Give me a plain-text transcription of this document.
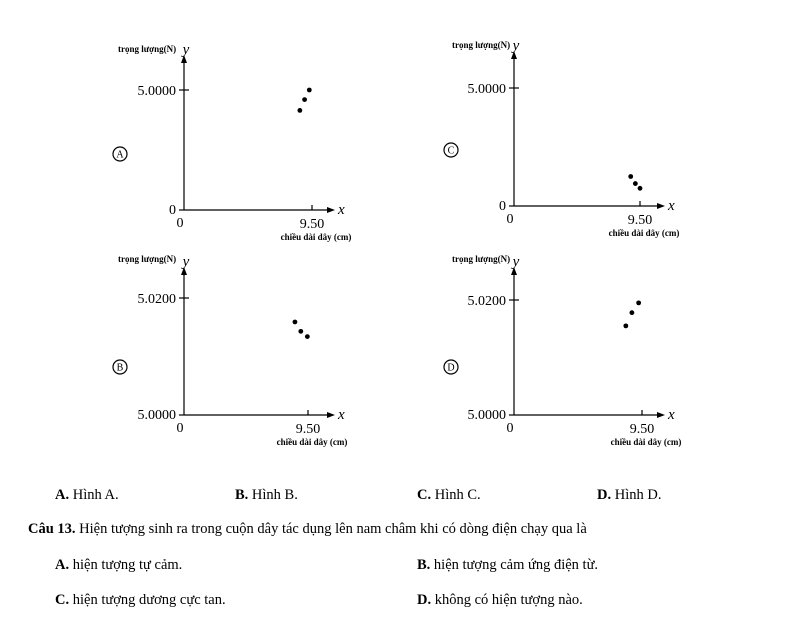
5.0000
0
0	9.50
y
x
trọng lượng(N)
chiều dài dây (cm)
A
5.0000
0
0	9.50
y
x
trọng lượng(N)
chiều dài dây (cm)
C
5.0200
5.0000
0	9.50
y
x
trọng lượng(N)
chiều dài dây (cm)
B
5.0200
5.0000
0	9.50
y
x
trọng lượng(N)
chiều dài dây (cm)
D
A. Hình A.	B. Hình B.	C. Hình C.	D. Hình D.
Câu 13. Hiện tượng sinh ra trong cuộn dây tác dụng lên nam châm khi có dòng điện chạy qua là
A. hiện tượng tự cảm.	B. hiện tượng cảm ứng điện từ.
C. hiện tượng dương cực tan.	D. không có hiện tượng nào.
